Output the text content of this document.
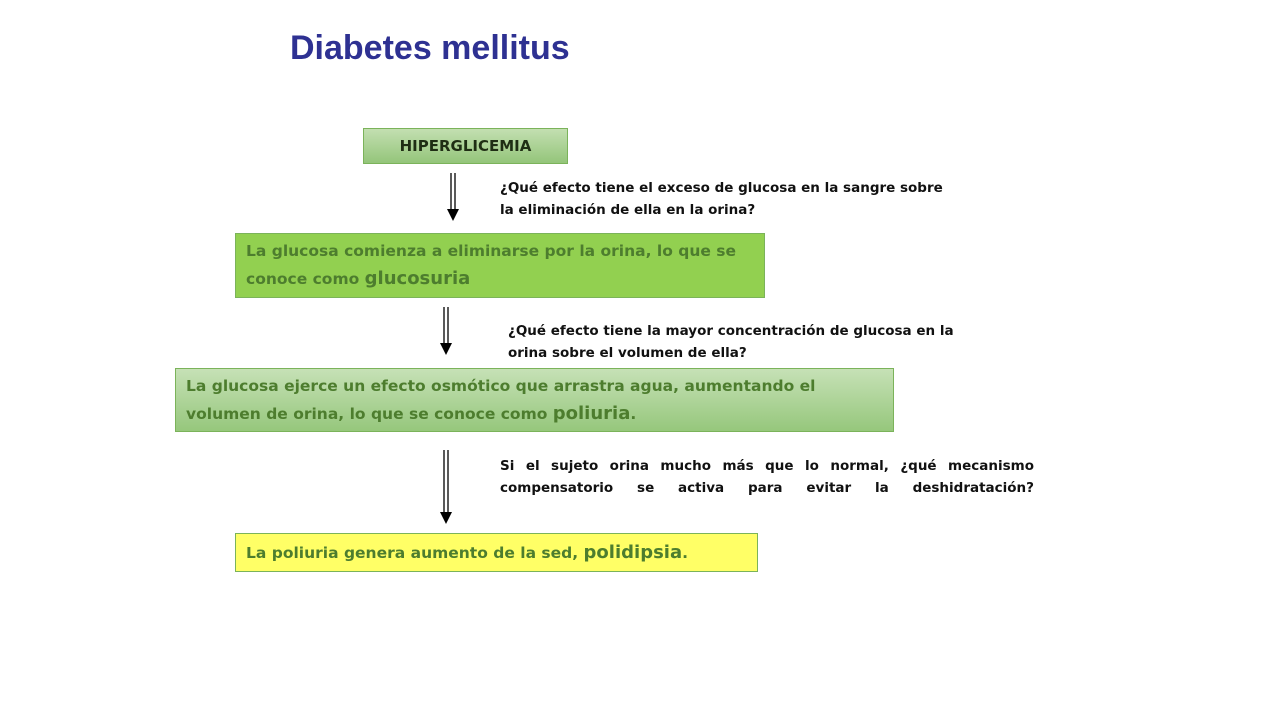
Diabetes mellitus
HIPERGLICEMIA
¿Qué efecto tiene el exceso de glucosa en la sangre sobre la eliminación de ella en la orina?
La glucosa comienza a eliminarse por la orina, lo que se conoce como glucosuria
¿Qué efecto tiene la mayor concentración de glucosa en la orina sobre el volumen de ella?
La glucosa ejerce un efecto osmótico que arrastra agua, aumentando el volumen de orina, lo que se conoce como poliuria.
Si el sujeto orina mucho más que lo normal, ¿qué mecanismo compensatorio se activa para evitar la deshidratación?
La poliuria genera aumento de la sed, polidipsia.
